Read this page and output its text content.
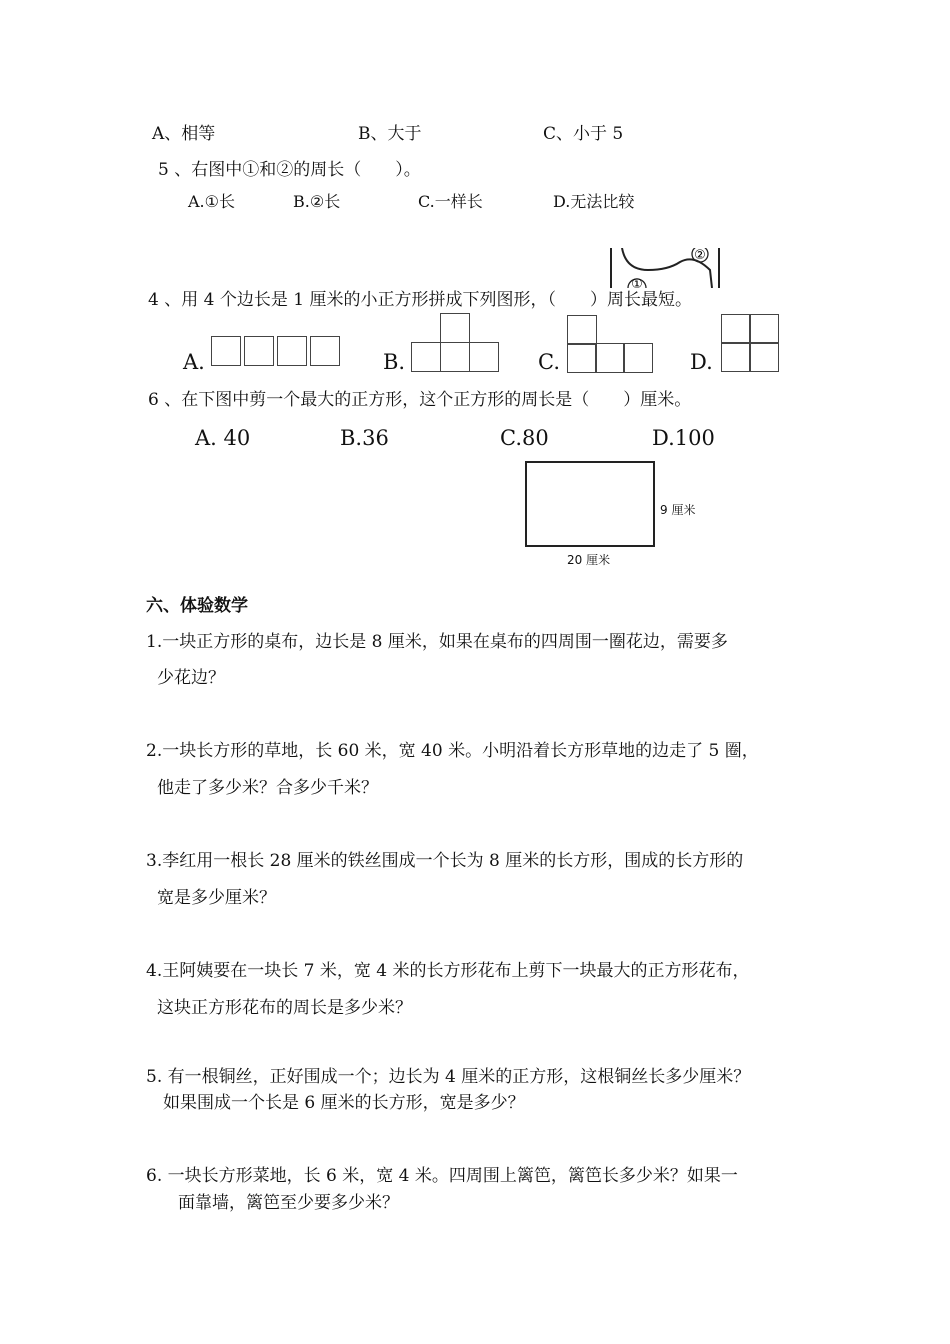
A、相等	B、大于	C、小于 5
5 、右图中①和②的周长（　　）。
A.①长	B.②长	C.一样长	D.无法比较
②
①
4 、用 4 个边长是 1 厘米的小正方形拼成下列图形，（　　）周长最短。
A.	B.	C.	D.
6 、在下图中剪一个最大的正方形，这个正方形的周长是（　　）厘米。
A. 40	B.36	C.80	D.100
9 厘米
20 厘米
六、体验数学
1.一块正方形的桌布，边长是 8 厘米，如果在桌布的四周围一圈花边，需要多
少花边？
2.一块长方形的草地，长 60 米，宽 40 米。小明沿着长方形草地的边走了 5 圈，
他走了多少米？合多少千米？
3.李红用一根长 28 厘米的铁丝围成一个长为 8 厘米的长方形，围成的长方形的
宽是多少厘米？
4.王阿姨要在一块长 7 米，宽 4 米的长方形花布上剪下一块最大的正方形花布，
这块正方形花布的周长是多少米？
5. 有一根铜丝，正好围成一个；边长为 4 厘米的正方形，这根铜丝长多少厘米？
如果围成一个长是 6 厘米的长方形，宽是多少？
6. 一块长方形菜地，长 6 米，宽 4 米。四周围上篱笆，篱笆长多少米？如果一
面靠墙，篱笆至少要多少米？
